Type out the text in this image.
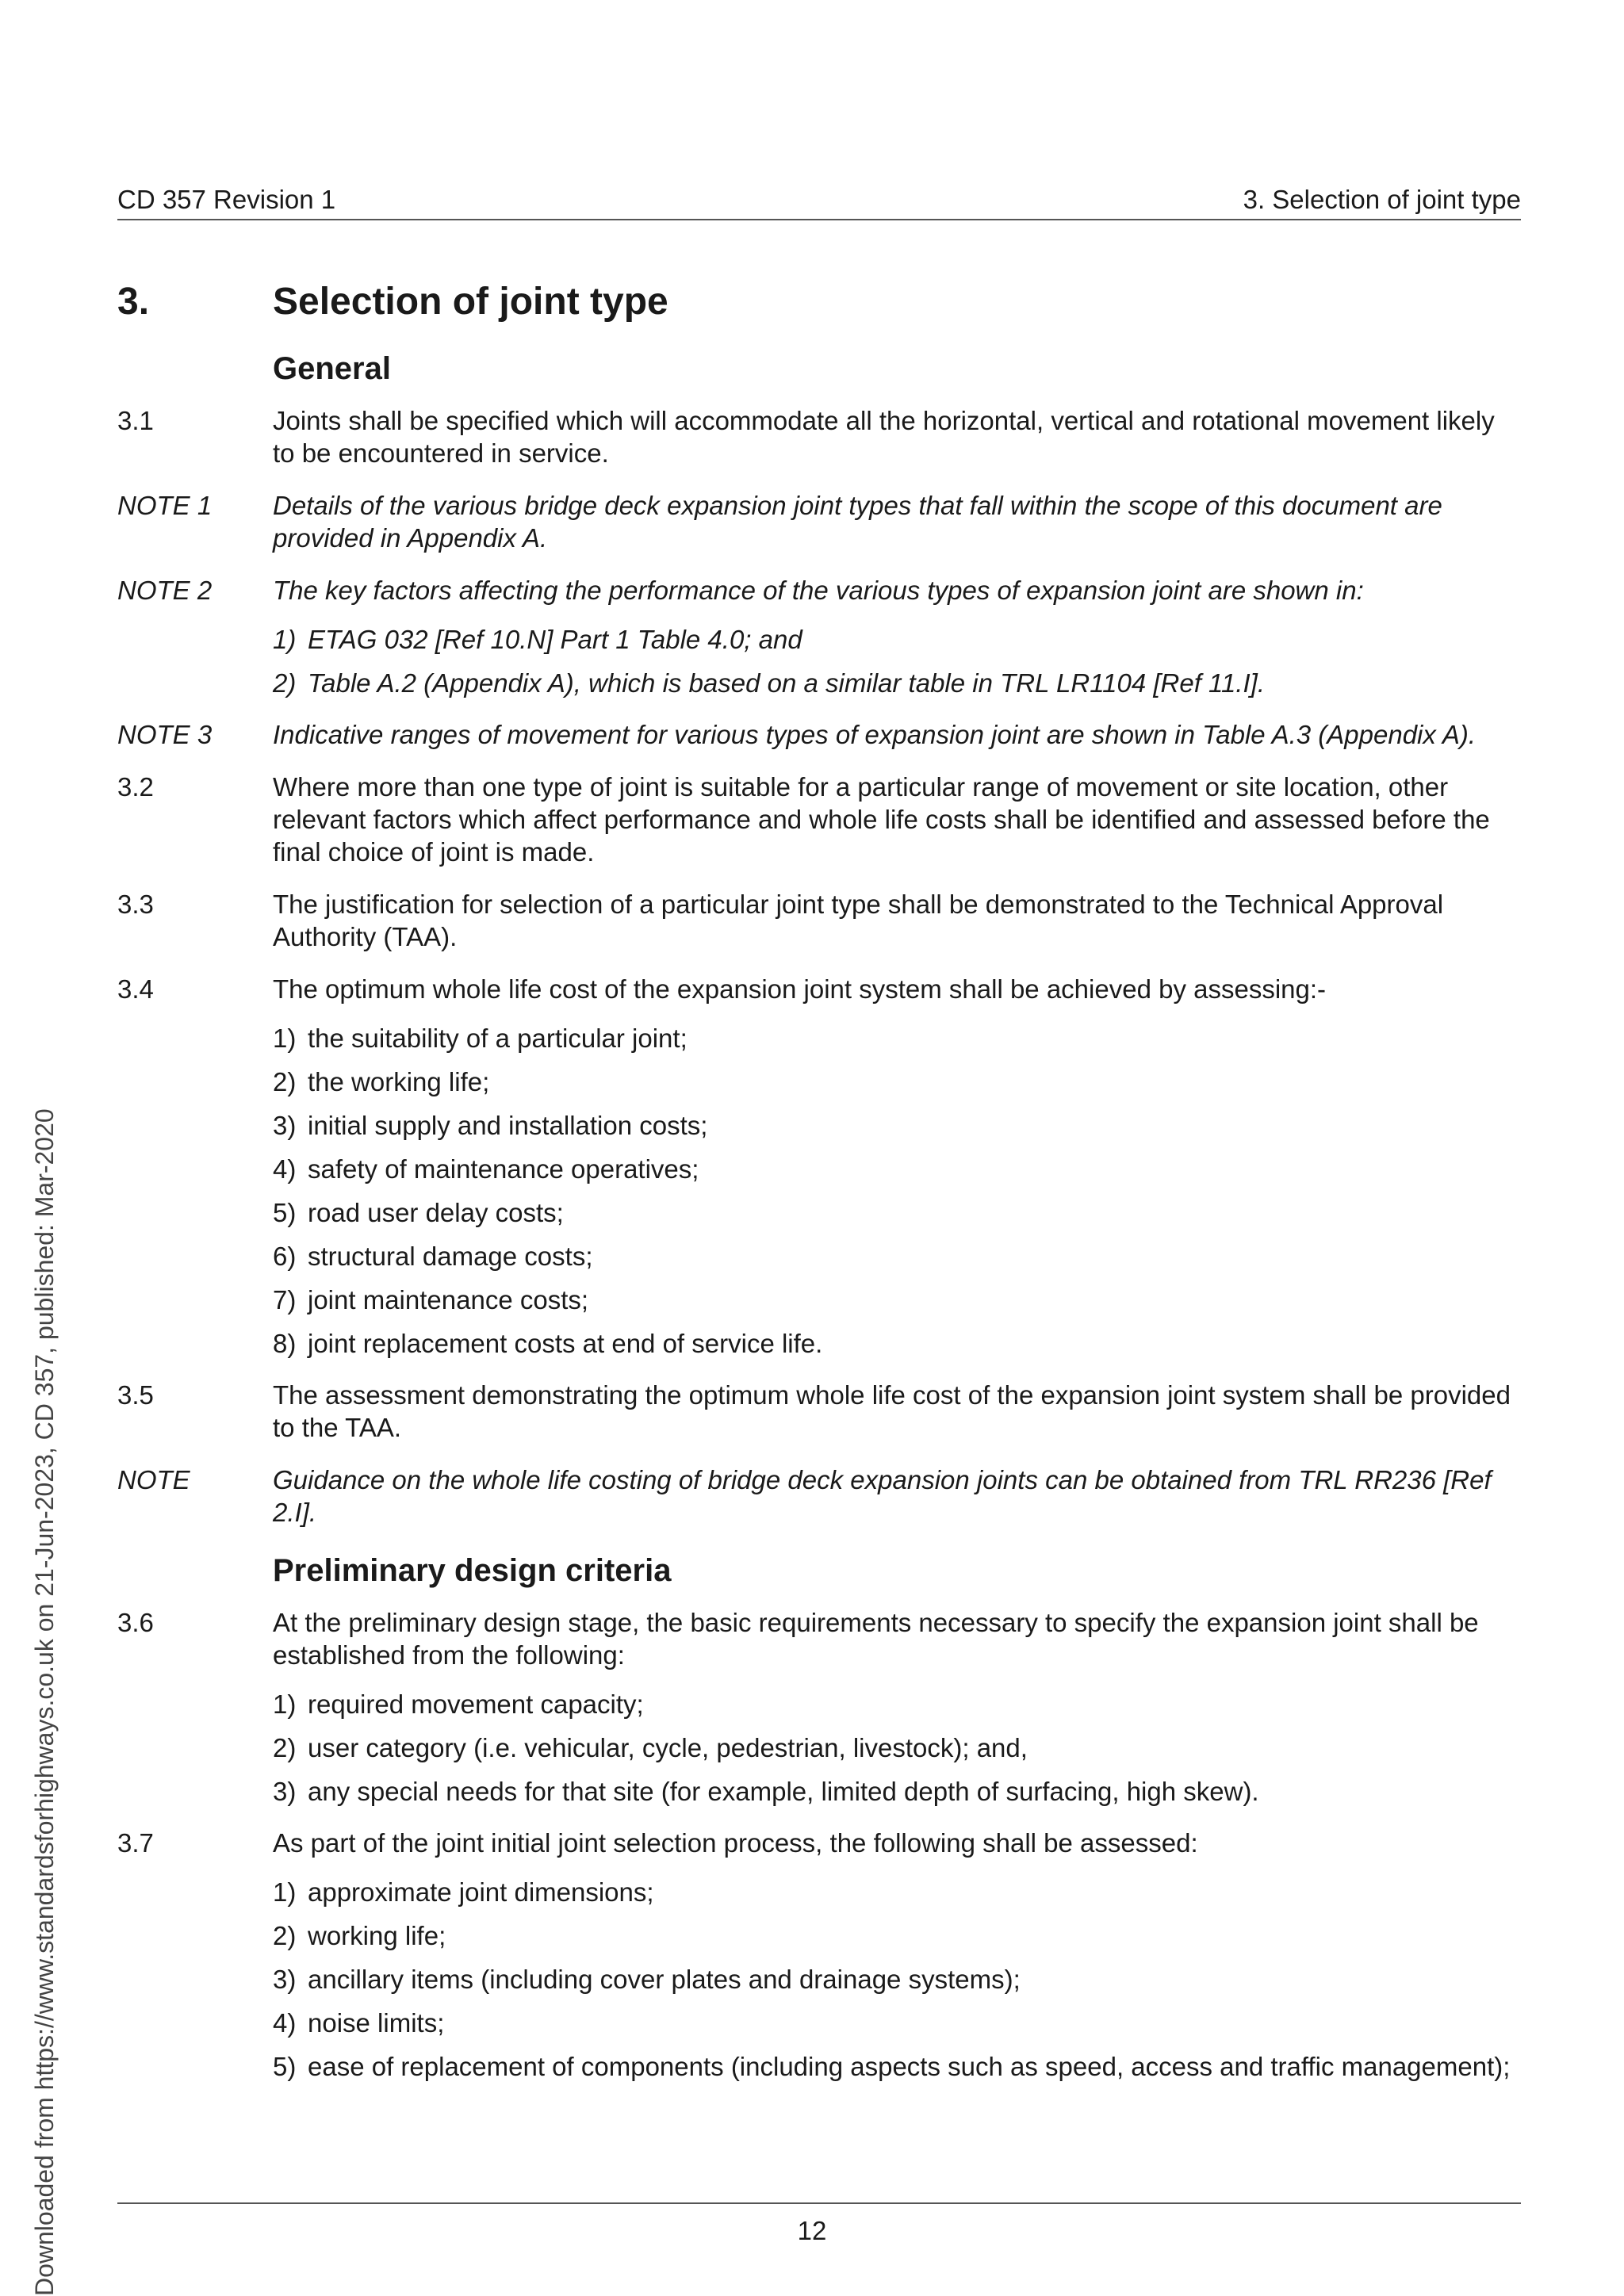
CD 357 Revision 1	3. Selection of joint type
3.	Selection of joint type
General
3.1	Joints shall be specified which will accommodate all the horizontal, vertical and rotational movement likely to be encountered in service.
NOTE 1	Details of the various bridge deck expansion joint types that fall within the scope of this document are provided in Appendix A.
NOTE 2	The key factors affecting the performance of the various types of expansion joint are shown in:
1) ETAG 032 [Ref 10.N] Part 1 Table 4.0; and
2) Table A.2 (Appendix A), which is based on a similar table in TRL LR1104 [Ref 11.I].
NOTE 3	Indicative ranges of movement for various types of expansion joint are shown in Table A.3 (Appendix A).
3.2	Where more than one type of joint is suitable for a particular range of movement or site location, other relevant factors which affect performance and whole life costs shall be identified and assessed before the final choice of joint is made.
3.3	The justification for selection of a particular joint type shall be demonstrated to the Technical Approval Authority (TAA).
3.4	The optimum whole life cost of the expansion joint system shall be achieved by assessing:-
1) the suitability of a particular joint;
2) the working life;
3) initial supply and installation costs;
4) safety of maintenance operatives;
5) road user delay costs;
6) structural damage costs;
7) joint maintenance costs;
8) joint replacement costs at end of service life.
3.5	The assessment demonstrating the optimum whole life cost of the expansion joint system shall be provided to the TAA.
NOTE	Guidance on the whole life costing of bridge deck expansion joints can be obtained from TRL RR236 [Ref 2.I].
Preliminary design criteria
3.6	At the preliminary design stage, the basic requirements necessary to specify the expansion joint shall be established from the following:
1) required movement capacity;
2) user category (i.e. vehicular, cycle, pedestrian, livestock); and,
3) any special needs for that site (for example, limited depth of surfacing, high skew).
3.7	As part of the joint initial joint selection process, the following shall be assessed:
1) approximate joint dimensions;
2) working life;
3) ancillary items (including cover plates and drainage systems);
4) noise limits;
5) ease of replacement of components (including aspects such as speed, access and traffic management);
12
Downloaded from https://www.standardsforhighways.co.uk on 21-Jun-2023, CD 357, published: Mar-2020
